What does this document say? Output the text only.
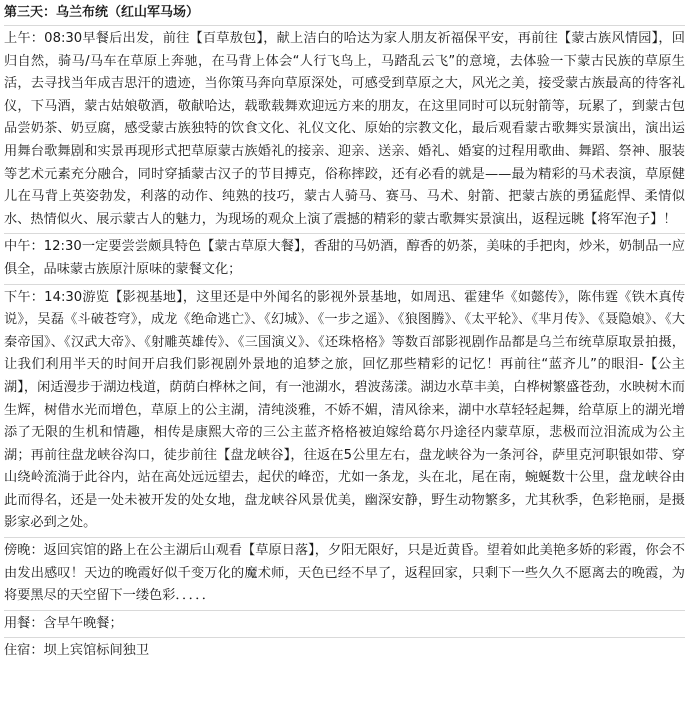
第三天：乌兰布统（红山军马场）

上午：08:30早餐后出发，前往【百草敖包】，献上洁白的哈达为家人朋友祈福保平安，再前往【蒙古族风情园】，回归自然，骑马/马车在草原上奔驰，在马背上体会“人行飞鸟上，马踏乱云飞”的意境，去体验一下蒙古民族的草原生活，去寻找当年成吉思汗的遗迹，当你策马奔向草原深处，可感受到草原之大，风光之美，接受蒙古族最高的待客礼仪，下马酒，蒙古姑娘敬酒，敬献哈达，载歌载舞欢迎远方来的朋友，在这里同时可以玩射箭等，玩累了，到蒙古包品尝奶茶、奶豆腐，感受蒙古族独特的饮食文化、礼仪文化、原始的宗教文化，最后观看蒙古歌舞实景演出，演出运用舞台歌舞剧和实景再现形式把草原蒙古族婚礼的接亲、迎亲、送亲、婚礼、婚宴的过程用歌曲、舞蹈、祭神、服装等艺术元素充分融合，同时穿插蒙古汉子的节目搏克，俗称摔跤，还有必看的就是——最为精彩的马术表演，草原健儿在马背上英姿勃发，利落的动作、纯熟的技巧，蒙古人骑马、赛马、马术、射箭、把蒙古族的勇猛彪悍、柔情似水、热情似火、展示蒙古人的魅力，为现场的观众上演了震撼的精彩的蒙古歌舞实景演出，返程远眺【将军泡子】！

中午：12:30一定要尝尝颇具特色【蒙古草原大餐】，香甜的马奶酒，醇香的奶茶，美味的手把肉，炒米，奶制品一应俱全，品味蒙古族原汁原味的蒙餐文化；

下午：14:30游览【影视基地】，这里还是中外闻名的影视外景基地，如周迅、霍建华《如懿传》，陈伟霆《铁木真传说》，吴磊《斗破苍穹》，成龙《绝命逃亡》、《幻城》、《一步之遥》、《狼图腾》、《太平轮》、《芈月传》、《聂隐娘》、《大秦帝国》、《汉武大帝》、《射雕英雄传》、《三国演义》、《还珠格格》等数百部影视剧作品都是乌兰布统草原取景拍摄，让我们利用半天的时间开启我们影视剧外景地的追梦之旅，回忆那些精彩的记忆！再前往“蓝齐儿”的眼泪-【公主湖】，闲适漫步于湖边栈道，荫荫白桦林之间，有一池湖水，碧波荡漾。湖边水草丰美，白桦树繁盛苍劲，水映树木而生辉，树借水光而增色，草原上的公主湖，清纯淡雅，不娇不媚，清风徐来，湖中水草轻轻起舞，给草原上的湖光增添了无限的生机和情趣，相传是康熙大帝的三公主蓝齐格格被迫嫁给葛尔丹途径内蒙草原，悲极而泣泪流成为公主湖；再前往盘龙峡谷沟口，徒步前往【盘龙峡谷】，往返在5公里左右，盘龙峡谷为一条河谷，萨里克河职银如带、穿山绕岭流淌于此谷内，站在高处远远望去，起伏的峰峦，尤如一条龙，头在北，尾在南，蜿蜒数十公里，盘龙峡谷由此而得名，还是一处未被开发的处女地，盘龙峡谷风景优美，幽深安静，野生动物繁多，尤其秋季，色彩艳丽，是摄影家必到之处。

傍晚：返回宾馆的路上在公主湖后山观看【草原日落】，夕阳无限好，只是近黄昏。望着如此美艳多娇的彩霞，你会不由发出感叹！天边的晚霞好似千变万化的魔术师，天色已经不早了，返程回家，只剩下一些久久不愿离去的晚霞，为将要黑尽的天空留下一缕色彩．．．．．

用餐：含早午晚餐；

住宿：坝上宾馆标间独卫
